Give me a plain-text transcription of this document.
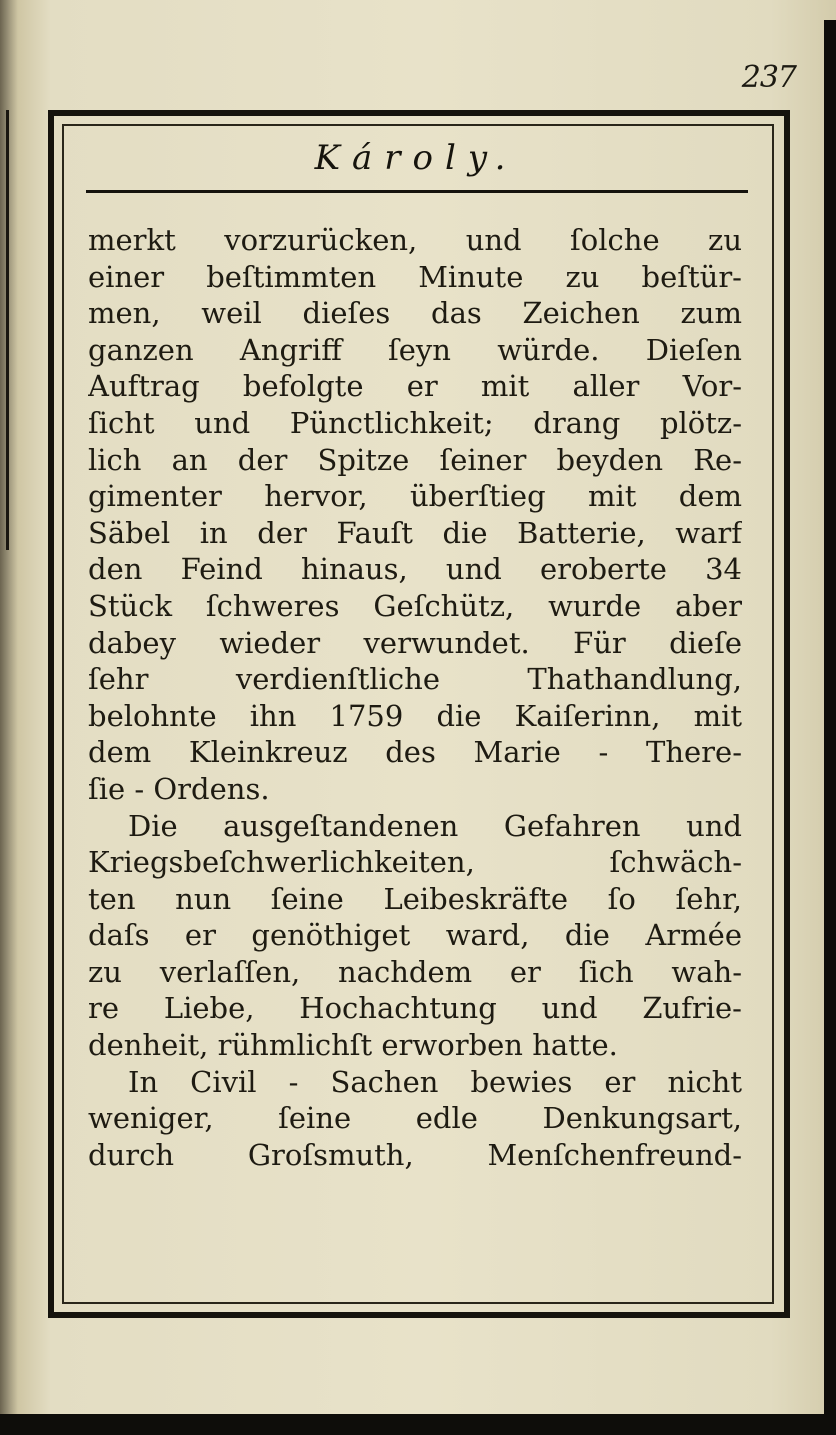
237
Károly.
merkt vorzurücken, und ſolche zu
einer beſtimmten Minute zu beſtür-
men, weil dieſes das Zeichen zum
ganzen Angriff ſeyn würde. Dieſen
Auftrag befolgte er mit aller Vor-
ſicht und Pünctlichkeit; drang plötz-
lich an der Spitze ſeiner beyden Re-
gimenter hervor, überſtieg mit dem
Säbel in der Fauſt die Batterie, warf
den Feind hinaus, und eroberte 34
Stück ſchweres Geſchütz, wurde aber
dabey wieder verwundet. Für dieſe
ſehr verdienſtliche Thathandlung,
belohnte ihn 1759 die Kaiſerinn, mit
dem Kleinkreuz des Marie - There-
ſie - Ordens.
Die ausgeſtandenen Gefahren und
Kriegsbeſchwerlichkeiten, ſchwäch-
ten nun ſeine Leibeskräfte ſo ſehr,
daſs er genöthiget ward, die Armée
zu verlaſſen, nachdem er ſich wah-
re Liebe, Hochachtung und Zufrie-
denheit, rühmlichſt erworben hatte.
In Civil - Sachen bewies er nicht
weniger, ſeine edle Denkungsart,
durch Groſsmuth, Menſchenfreund-
